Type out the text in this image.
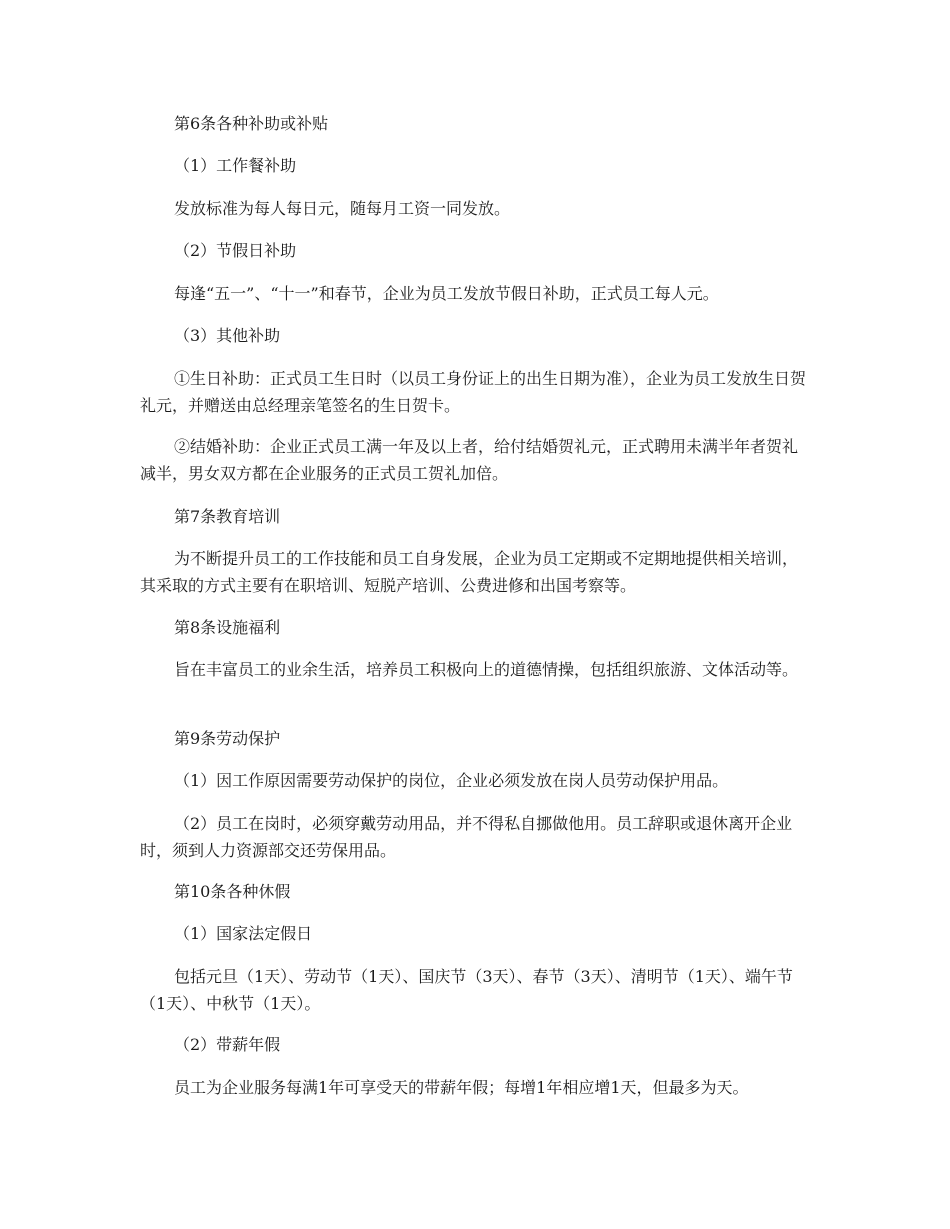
第6条各种补助或补贴

（1）工作餐补助

发放标准为每人每日元，随每月工资一同发放。

（2）节假日补助

每逢“五一”、“十一”和春节，企业为员工发放节假日补助，正式员工每人元。

（3）其他补助

①生日补助：正式员工生日时（以员工身份证上的出生日期为准），企业为员工发放生日贺礼元，并赠送由总经理亲笔签名的生日贺卡。

②结婚补助：企业正式员工满一年及以上者，给付结婚贺礼元，正式聘用未满半年者贺礼减半，男女双方都在企业服务的正式员工贺礼加倍。

第7条教育培训

为不断提升员工的工作技能和员工自身发展，企业为员工定期或不定期地提供相关培训，其采取的方式主要有在职培训、短脱产培训、公费进修和出国考察等。

第8条设施福利

旨在丰富员工的业余生活，培养员工积极向上的道德情操，包括组织旅游、文体活动等。

第9条劳动保护

（1）因工作原因需要劳动保护的岗位，企业必须发放在岗人员劳动保护用品。

（2）员工在岗时，必须穿戴劳动用品，并不得私自挪做他用。员工辞职或退休离开企业时，须到人力资源部交还劳保用品。

第10条各种休假

（1）国家法定假日

包括元旦（1天）、劳动节（1天）、国庆节（3天）、春节（3天）、清明节（1天）、端午节（1天）、中秋节（1天）。

（2）带薪年假

员工为企业服务每满1年可享受天的带薪年假；每增1年相应增1天，但最多为天。
